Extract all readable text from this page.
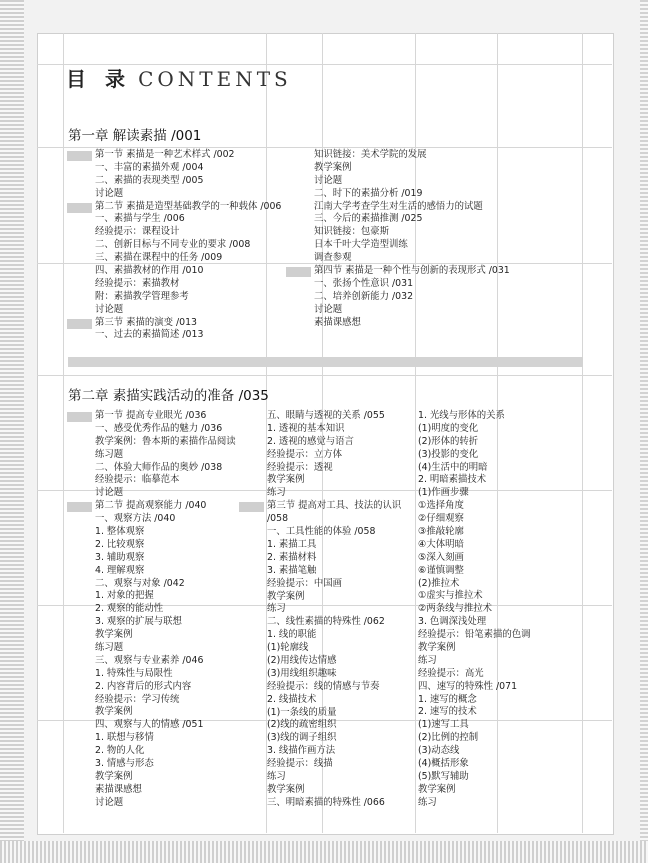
目 录 CONTENTS
第一章 解读素描 /001
第一节 素描是一种艺术样式 /002
一、丰富的素描外观 /004
二、素描的表现类型 /005
讨论题
第二节 素描是造型基础教学的一种载体 /006
一、素描与学生 /006
经验提示：课程设计
二、创新目标与不同专业的要求 /008
三、素描在课程中的任务 /009
四、素描教材的作用 /010
经验提示：素描教材
附：素描教学管理参考
讨论题
第三节 素描的演变 /013
一、过去的素描简述 /013
知识链接：美术学院的发展
教学案例
讨论题
二、时下的素描分析 /019
江南大学考查学生对生活的感悟力的试题
三、今后的素描推测 /025
知识链接：包豪斯
日本千叶大学造型训练
调查参观
第四节 素描是一种个性与创新的表现形式 /031
一、张扬个性意识 /031
二、培养创新能力 /032
讨论题
素描课感想
第二章 素描实践活动的准备 /035
第一节 提高专业眼光 /036
一、感受优秀作品的魅力 /036
教学案例：鲁本斯的素描作品阅读
练习题
二、体验大师作品的奥妙 /038
经验提示：临摹范本
讨论题
第二节 提高观察能力 /040
一、观察方法 /040
1. 整体观察
2. 比较观察
3. 辅助观察
4. 理解观察
二、观察与对象 /042
1. 对象的把握
2. 观察的能动性
3. 观察的扩展与联想
教学案例
练习题
三、观察与专业素养 /046
1. 特殊性与局限性
2. 内容背后的形式内容
经验提示：学习传统
教学案例
四、观察与人的情感 /051
1. 联想与移情
2. 物的人化
3. 情感与形态
教学案例
素描课感想
讨论题
五、眼睛与透视的关系 /055
1. 透视的基本知识
2. 透视的感觉与语言
经验提示：立方体
经验提示：透视
教学案例
练习
第三节 提高对工具、技法的认识 /058
一、工具性能的体验 /058
1. 素描工具
2. 素描材料
3. 素描笔触
经验提示：中国画
教学案例
练习
二、线性素描的特殊性 /062
1. 线的职能
(1)轮廓线
(2)用线传达情感
(3)用线组织趣味
经验提示：线的情感与节奏
2. 线描技术
(1)一条线的质量
(2)线的疏密组织
(3)线的调子组织
3. 线描作画方法
经验提示：线描
练习
教学案例
三、明暗素描的特殊性 /066
1. 光线与形体的关系
(1)明度的变化
(2)形体的转折
(3)投影的变化
(4)生活中的明暗
2. 明暗素描技术
(1)作画步骤
①选择角度
②仔细观察
③推敲轮廓
④大体明暗
⑤深入刻画
⑥谨慎调整
(2)推拉术
①虚实与推拉术
②两条线与推拉术
3. 色调深浅处理
经验提示：铅笔素描的色调
教学案例
练习
经验提示：高光
四、速写的特殊性 /071
1. 速写的概念
2. 速写的技术
(1)速写工具
(2)比例的控制
(3)动态线
(4)概括形象
(5)默写辅助
教学案例
练习
